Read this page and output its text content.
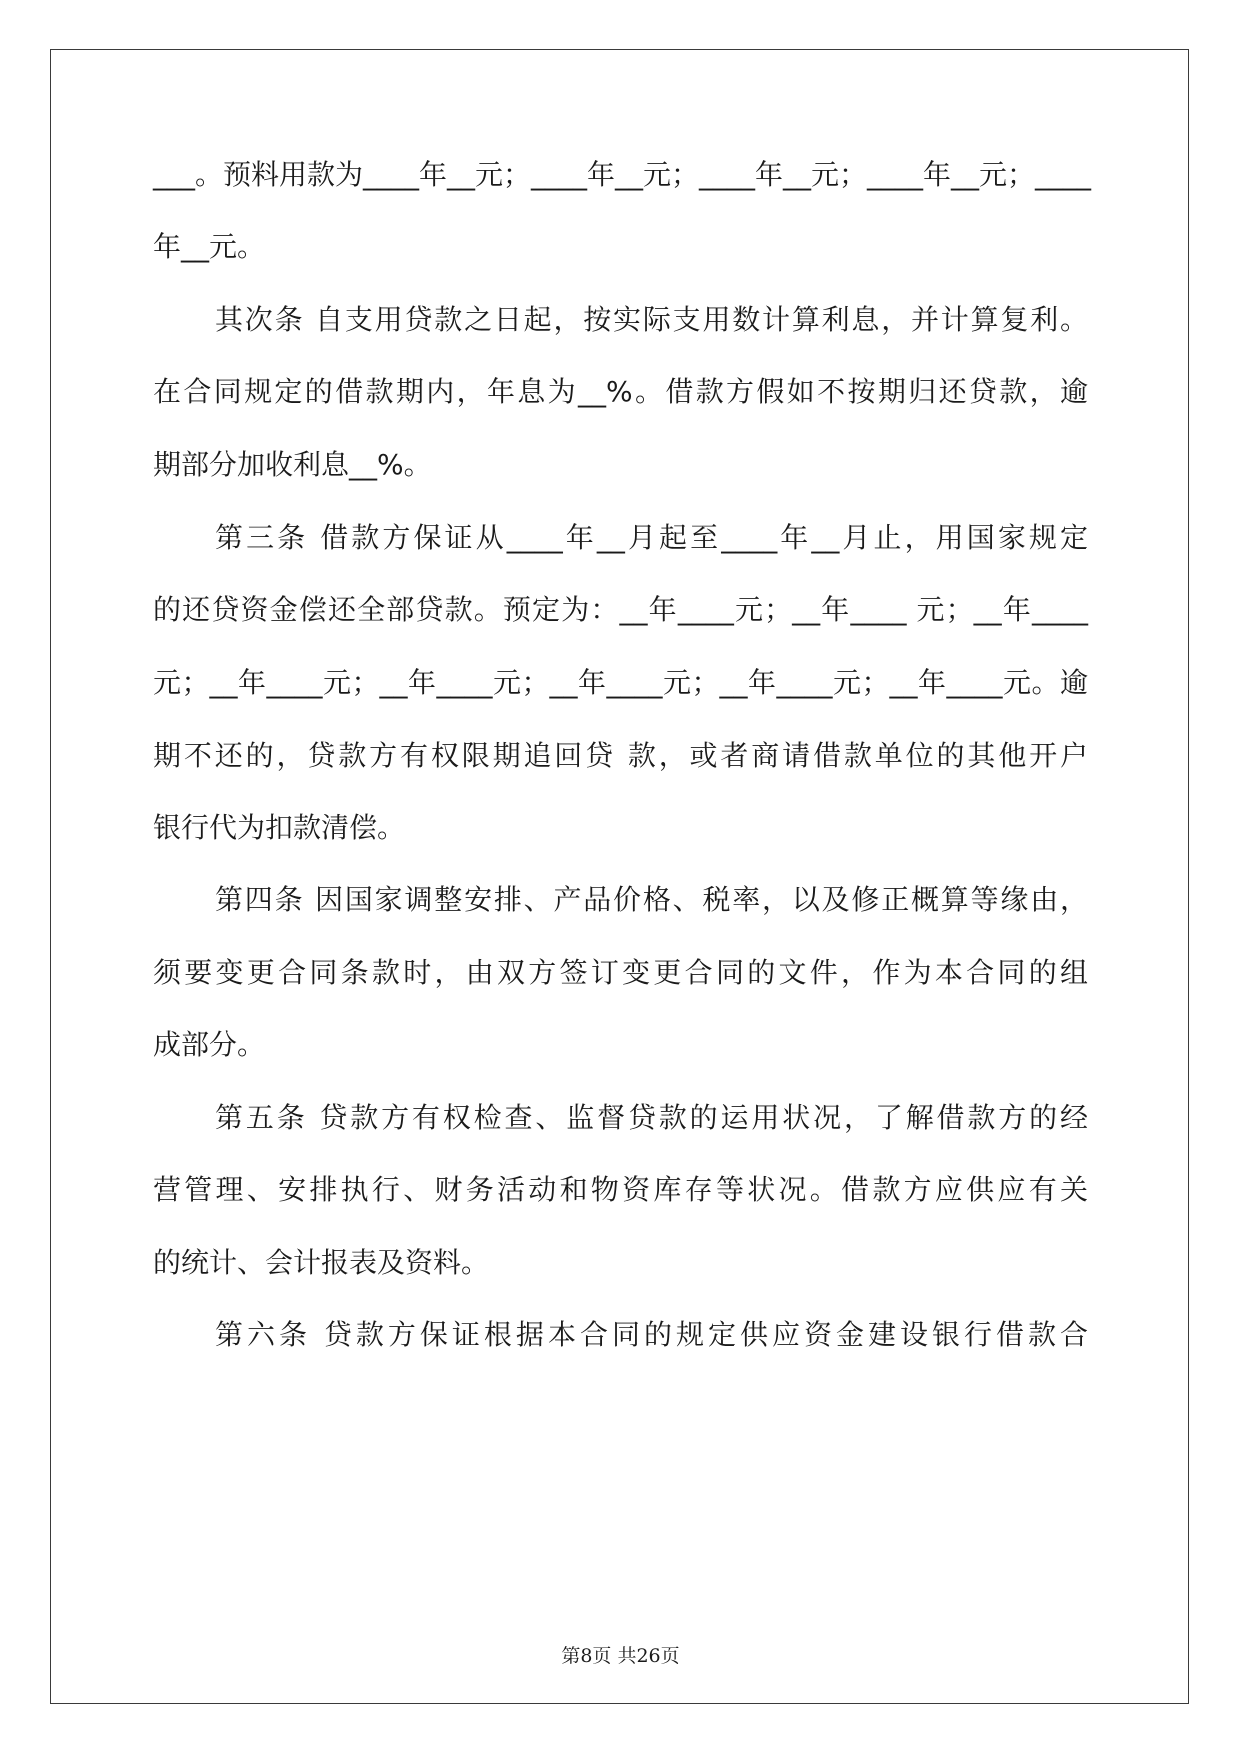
___。预料用款为____年__元；____年__元；____年__元；____年__元；____
年__元。
其次条 自支用贷款之日起，按实际支用数计算利息，并计算复利。
在合同规定的借款期内，年息为__%。借款方假如不按期归还贷款，逾
期部分加收利息__%。
第三条 借款方保证从____年__月起至____年__月止，用国家规定
的还贷资金偿还全部贷款。预定为：__年____元；__年____ 元；__年____
元；__年____元；__年____元；__年____元；__年____元；__年____元。逾
期不还的，贷款方有权限期追回贷 款，或者商请借款单位的其他开户
银行代为扣款清偿。
第四条 因国家调整安排、产品价格、税率，以及修正概算等缘由，
须要变更合同条款时，由双方签订变更合同的文件，作为本合同的组
成部分。
第五条 贷款方有权检查、监督贷款的运用状况，了解借款方的经
营管理、安排执行、财务活动和物资库存等状况。借款方应供应有关
的统计、会计报表及资料。
第六条 贷款方保证根据本合同的规定供应资金建设银行借款合
第8页 共26页
